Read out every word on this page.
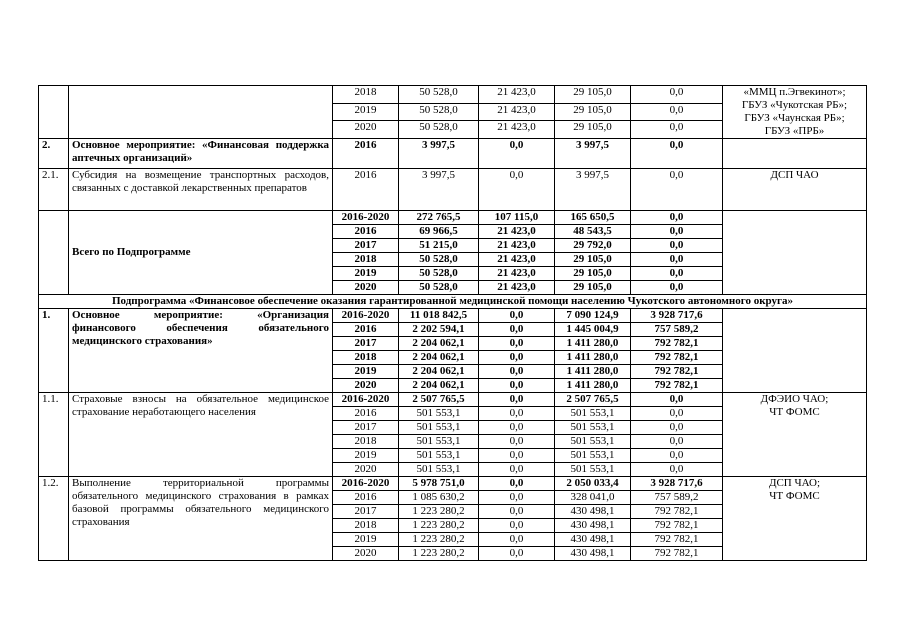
		2018	50 528,0	21 423,0	29 105,0	0,0	«ММЦ п.Эгвекинот»;
ГБУЗ «Чукотская РБ»;
ГБУЗ «Чаунская РБ»;
ГБУЗ «ПРБ»

		2019	50 528,0	21 423,0	29 105,0	0,0	
		2020	50 528,0	21 423,0	29 105,0	0,0	
2.	Основное мероприятие: «Финансовая поддержка аптечных организаций»	2016	3 997,5	0,0	3 997,5	0,0	
2.1.	Субсидия на возмещение транспортных расходов, связанных с доставкой лекарственных препаратов	2016	3 997,5	0,0	3 997,5	0,0	ДСП ЧАО
	Всего по Подпрограмме	2016-2020	272 765,5	107 115,0	165 650,5	0,0	
		2016	69 966,5	21 423,0	48 543,5	0,0	
		2017	51 215,0	21 423,0	29 792,0	0,0	
		2018	50 528,0	21 423,0	29 105,0	0,0	
		2019	50 528,0	21 423,0	29 105,0	0,0	
		2020	50 528,0	21 423,0	29 105,0	0,0	
Подпрограмма «Финансовое обеспечение оказания гарантированной медицинской помощи населению Чукотского автономного округа»							
1.	Основное мероприятие: «Организация финансового обеспечения обязательного медицинского страхования»	2016-2020	11 018 842,5	0,0	7 090 124,9	3 928 717,6	
		2016	2 202 594,1	0,0	1 445 004,9	757 589,2	
		2017	2 204 062,1	0,0	1 411 280,0	792 782,1	
		2018	2 204 062,1	0,0	1 411 280,0	792 782,1	
		2019	2 204 062,1	0,0	1 411 280,0	792 782,1	
		2020	2 204 062,1	0,0	1 411 280,0	792 782,1	
1.1.	Страховые взносы на обязательное медицинское страхование неработающего населения	2016-2020	2 507 765,5	0,0	2 507 765,5	0,0	ДФЭИО ЧАО;
ЧТ ФОМС

		2016	501 553,1	0,0	501 553,1	0,0	
		2017	501 553,1	0,0	501 553,1	0,0	
		2018	501 553,1	0,0	501 553,1	0,0	
		2019	501 553,1	0,0	501 553,1	0,0	
		2020	501 553,1	0,0	501 553,1	0,0	
1.2.	Выполнение территориальной программы обязательного медицинского страхования в рамках базовой программы обязательного медицинского страхования	2016-2020	5 978 751,0	0,0	2 050 033,4	3 928 717,6	ДСП ЧАО;
ЧТ ФОМС

		2016	1 085 630,2	0,0	328 041,0	757 589,2	
		2017	1 223 280,2	0,0	430 498,1	792 782,1	
		2018	1 223 280,2	0,0	430 498,1	792 782,1	
		2019	1 223 280,2	0,0	430 498,1	792 782,1	
		2020	1 223 280,2	0,0	430 498,1	792 782,1	
